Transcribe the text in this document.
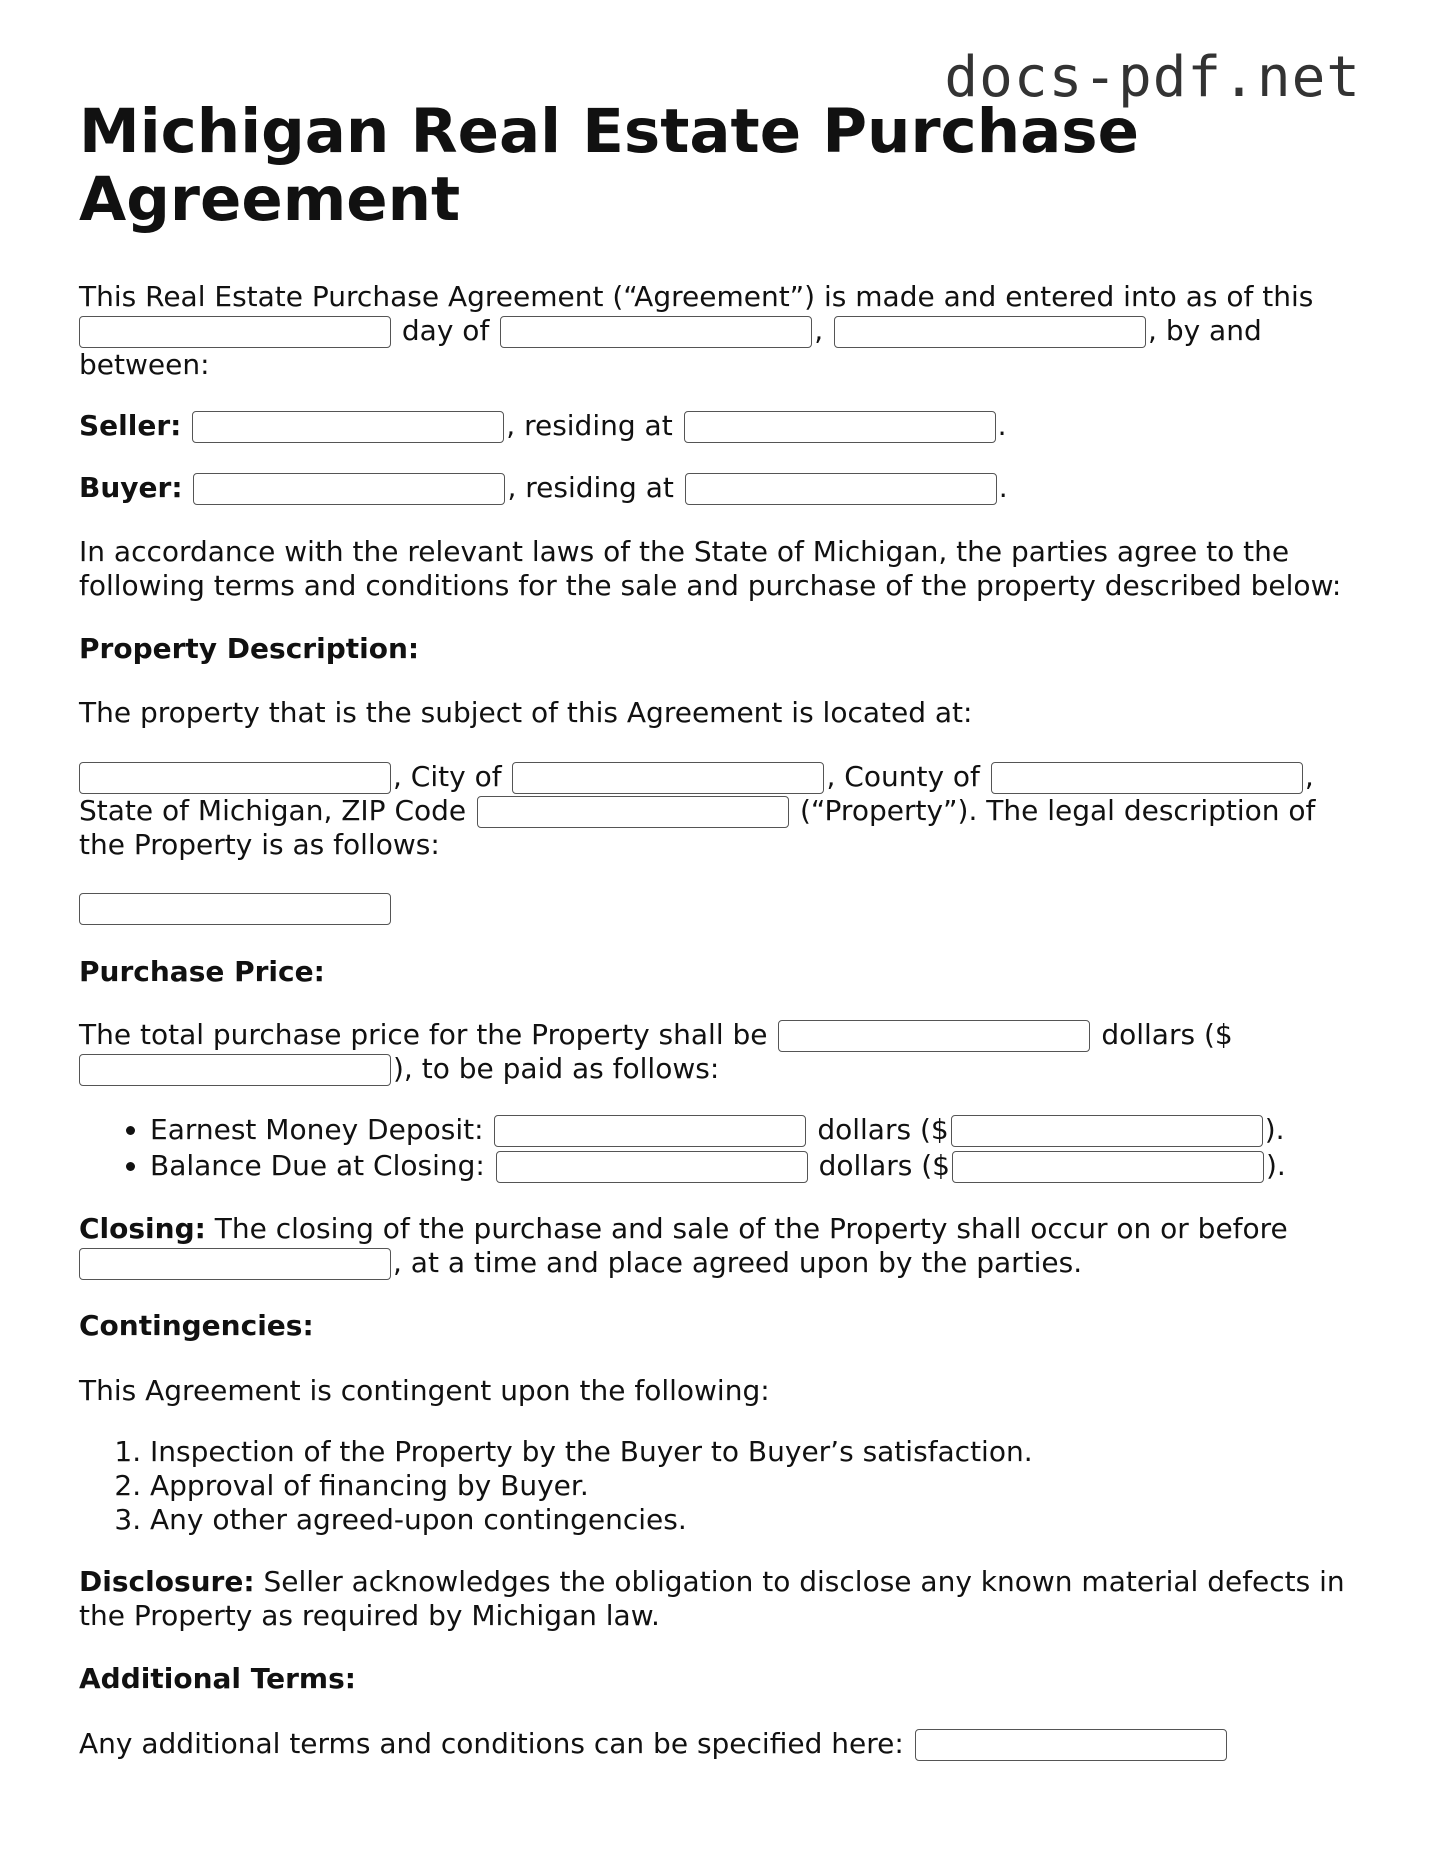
docs-pdf.net
Michigan Real Estate Purchase Agreement

This Real Estate Purchase Agreement (“Agreement”) is made and entered into as of this
day of	,	, by and
between:

Seller:	, residing at	.

Buyer:	, residing at	.

In accordance with the relevant laws of the State of Michigan, the parties agree to the following terms and conditions for the sale and purchase of the property described below:

Property Description:

The property that is the subject of this Agreement is located at:

, City of	, County of	,
State of Michigan, ZIP Code	(“Property”). The legal description of the Property is as follows:

Purchase Price:

The total purchase price for the Property shall be	dollars ($
), to be paid as follows:

• Earnest Money Deposit:	dollars ($	).
• Balance Due at Closing:	dollars ($	).

Closing: The closing of the purchase and sale of the Property shall occur on or before
, at a time and place agreed upon by the parties.

Contingencies:

This Agreement is contingent upon the following:

1. Inspection of the Property by the Buyer to Buyer’s satisfaction.
2. Approval of financing by Buyer.
3. Any other agreed-upon contingencies.

Disclosure: Seller acknowledges the obligation to disclose any known material defects in the Property as required by Michigan law.

Additional Terms:

Any additional terms and conditions can be specified here:
